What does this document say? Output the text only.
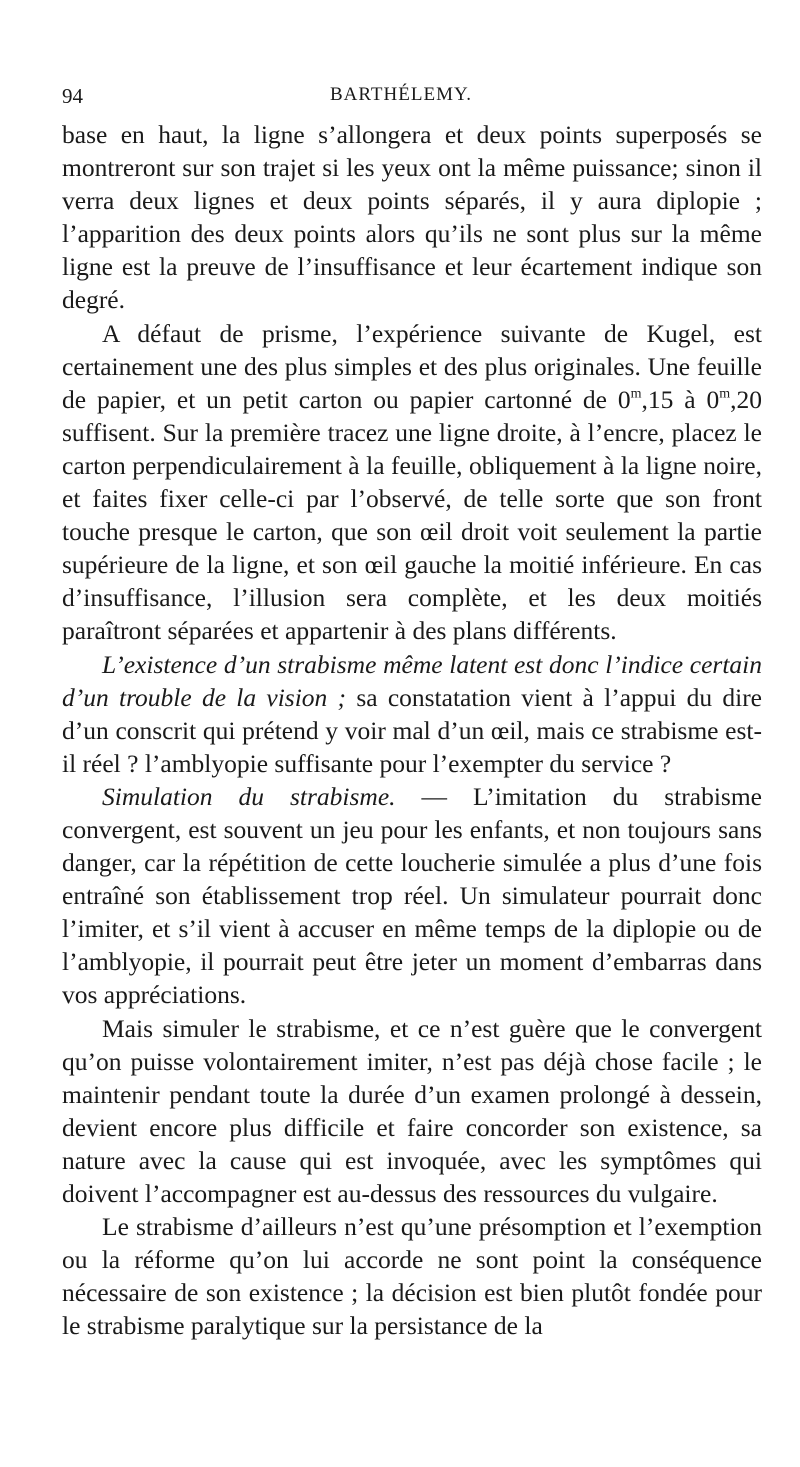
94	BARTHÉLEMY.

base en haut, la ligne s’allongera et deux points superposés se montreront sur son trajet si les yeux ont la même puissance; sinon il verra deux lignes et deux points séparés, il y aura diplopie ; l’apparition des deux points alors qu’ils ne sont plus sur la même ligne est la preuve de l’insuffisance et leur écartement indique son degré.

A défaut de prisme, l’expérience suivante de Kugel, est certainement une des plus simples et des plus originales. Une feuille de papier, et un petit carton ou papier cartonné de 0$^m$,15 à 0$^m$,20 suffisent. Sur la première tracez une ligne droite, à l’encre, placez le carton perpendiculairement à la feuille, obliquement à la ligne noire, et faites fixer celle-ci par l’observé, de telle sorte que son front touche presque le carton, que son œil droit voit seulement la partie supérieure de la ligne, et son œil gauche la moitié inférieure. En cas d’insuffisance, l’illusion sera complète, et les deux moitiés paraîtront séparées et appartenir à des plans différents.

L’existence d’un strabisme même latent est donc l’indice certain d’un trouble de la vision ; sa constatation vient à l’appui du dire d’un conscrit qui prétend y voir mal d’un œil, mais ce strabisme est-il réel ? l’amblyopie suffisante pour l’exempter du service ?

Simulation du strabisme. — L’imitation du strabisme convergent, est souvent un jeu pour les enfants, et non toujours sans danger, car la répétition de cette loucherie simulée a plus d’une fois entraîné son établissement trop réel. Un simulateur pourrait donc l’imiter, et s’il vient à accuser en même temps de la diplopie ou de l’amblyopie, il pourrait peut être jeter un moment d’embarras dans vos appréciations.

Mais simuler le strabisme, et ce n’est guère que le convergent qu’on puisse volontairement imiter, n’est pas déjà chose facile ; le maintenir pendant toute la durée d’un examen prolongé à dessein, devient encore plus difficile et faire concorder son existence, sa nature avec la cause qui est invoquée, avec les symptômes qui doivent l’accompagner est au-dessus des ressources du vulgaire.

Le strabisme d’ailleurs n’est qu’une présomption et l’exemption ou la réforme qu’on lui accorde ne sont point la conséquence nécessaire de son existence ; la décision est bien plutôt fondée pour le strabisme paralytique sur la persistance de la
